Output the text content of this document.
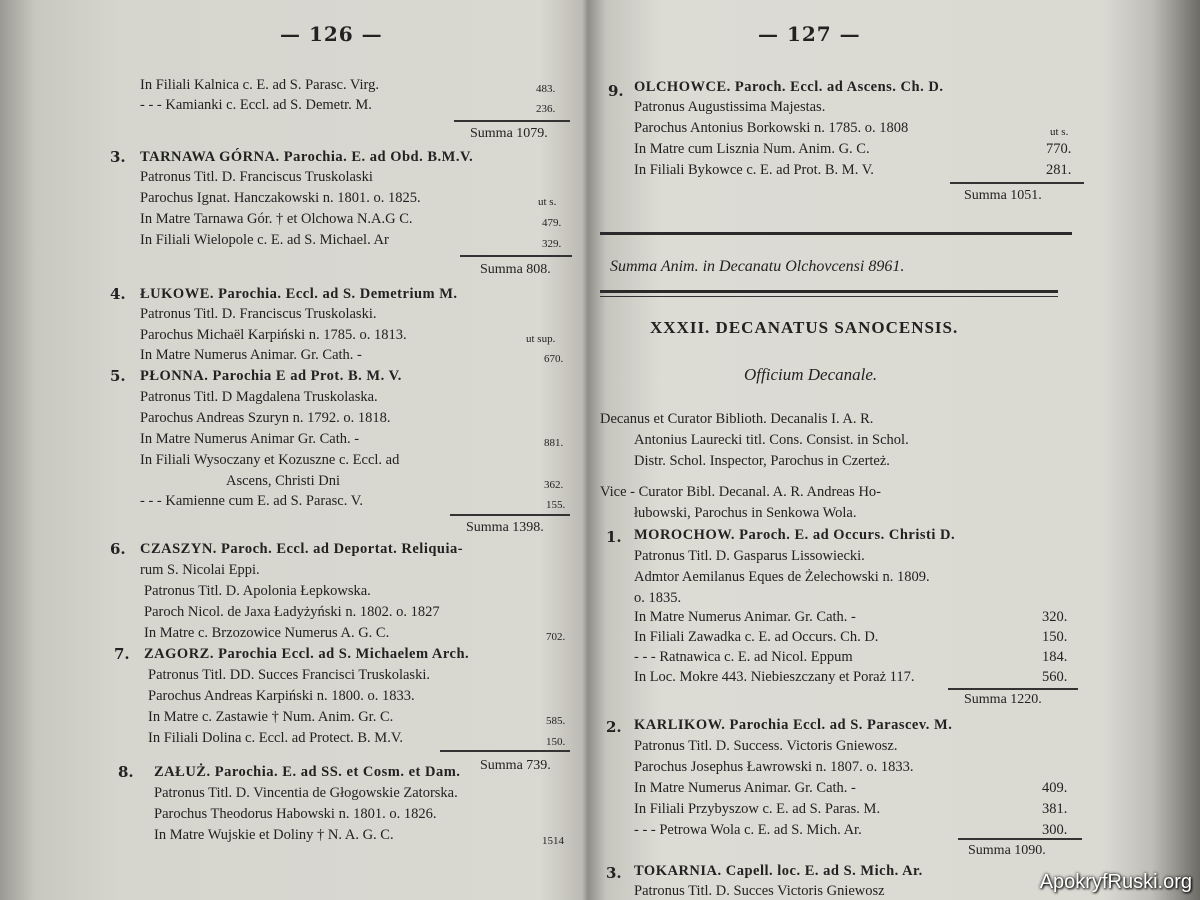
— 126 —
In Filiali Kalnica c. E. ad S. Parasc. Virg.	483.
- - - Kamianki c. Eccl. ad S. Demetr. M.	236.
Summa 1079.
3. TARNAWA GÓRNA. Parochia. E. ad Obd. B.M.V.
Patronus Titl. D. Franciscus Truskolaski
Parochus Ignat. Hanczakowski n. 1801. o. 1825.	ut s.
In Matre Tarnawa Gór. † et Olchowa N.A.G C.	479.
In Filiali Wielopole c. E. ad S. Michael. Ar	329.
Summa 808.
4. ŁUKOWE. Parochia. Eccl. ad S. Demetrium M.
Patronus Titl. D. Franciscus Truskolaski.
Parochus Michaël Karpiński n. 1785. o. 1813.	ut sup.
In Matre Numerus Animar. Gr. Cath. -	670.
5. PŁONNA. Parochia E ad Prot. B. M. V.
Patronus Titl. D Magdalena Truskolaska.
Parochus Andreas Szuryn n. 1792. o. 1818.
In Matre Numerus Animar Gr. Cath. -	881.
In Filiali Wysoczany et Kozuszne c. Eccl. ad
Ascens, Christi Dni	362.
- - - Kamienne cum E. ad S. Parasc. V.	155.
Summa 1398.
6. CZASZYN. Paroch. Eccl. ad Deportat. Reliquia-
rum S. Nicolai Eppi.
Patronus Titl. D. Apolonia Łepkowska.
Paroch Nicol. de Jaxa Ładyżyński n. 1802. o. 1827
In Matre c. Brzozowice Numerus A. G. C.	702.
7. ZAGORZ. Parochia Eccl. ad S. Michaelem Arch.
Patronus Titl. DD. Succes Francisci Truskolaski.
Parochus Andreas Karpiński n. 1800. o. 1833.
In Matre c. Zastawie † Num. Anim. Gr. C.	585.
In Filiali Dolina c. Eccl. ad Protect. B. M.V.	150.
Summa 739.
8. ZAŁUŻ. Parochia. E. ad SS. et Cosm. et Dam.
Patronus Titl. D. Vincentia de Głogowskie Zatorska.
Parochus Theodorus Habowski n. 1801. o. 1826.
In Matre Wujskie et Doliny † N. A. G. C.	1514
— 127 —
9. OLCHOWCE. Paroch. Eccl. ad Ascens. Ch. D.
Patronus Augustissima Majestas.
Parochus Antonius Borkowski n. 1785. o. 1808	ut s.
In Matre cum Lisznia Num. Anim. G. C.	770.
In Filiali Bykowce c. E. ad Prot. B. M. V.	281.
Summa 1051.
Summa Anim. in Decanatu Olchovcensi 8961.
XXXII. DECANATUS SANOCENSIS.
Officium Decanale.
Decanus et Curator Biblioth. Decanalis I. A. R.
Antonius Laurecki titl. Cons. Consist. in Schol.
Distr. Schol. Inspector, Parochus in Czerteż.
Vice - Curator Bibl. Decanal. A. R. Andreas Ho-
łubowski, Parochus in Senkowa Wola.
1. MOROCHOW. Paroch. E. ad Occurs. Christi D.
Patronus Titl. D. Gasparus Lissowiecki.
Admtor Aemilanus Eques de Żelechowski n. 1809.
o. 1835.
In Matre Numerus Animar. Gr. Cath. -	320.
In Filiali Zawadka c. E. ad Occurs. Ch. D.	150.
- - - Ratnawica c. E. ad Nicol. Eppum	184.
In Loc. Mokre 443. Niebieszczany et Poraż 117.	560.
Summa 1220.
2. KARLIKOW. Parochia Eccl. ad S. Parascev. M.
Patronus Titl. D. Success. Victoris Gniewosz.
Parochus Josephus Ławrowski n. 1807. o. 1833.
In Matre Numerus Animar. Gr. Cath. -	409.
In Filiali Przybyszow c. E. ad S. Paras. M.	381.
- - - Petrowa Wola c. E. ad S. Mich. Ar.	300.
Summa 1090.
3. TOKARNIA. Capell. loc. E. ad S. Mich. Ar.
Patronus Titl. D. Succes Victoris Gniewosz	ApokryfRuski.org
